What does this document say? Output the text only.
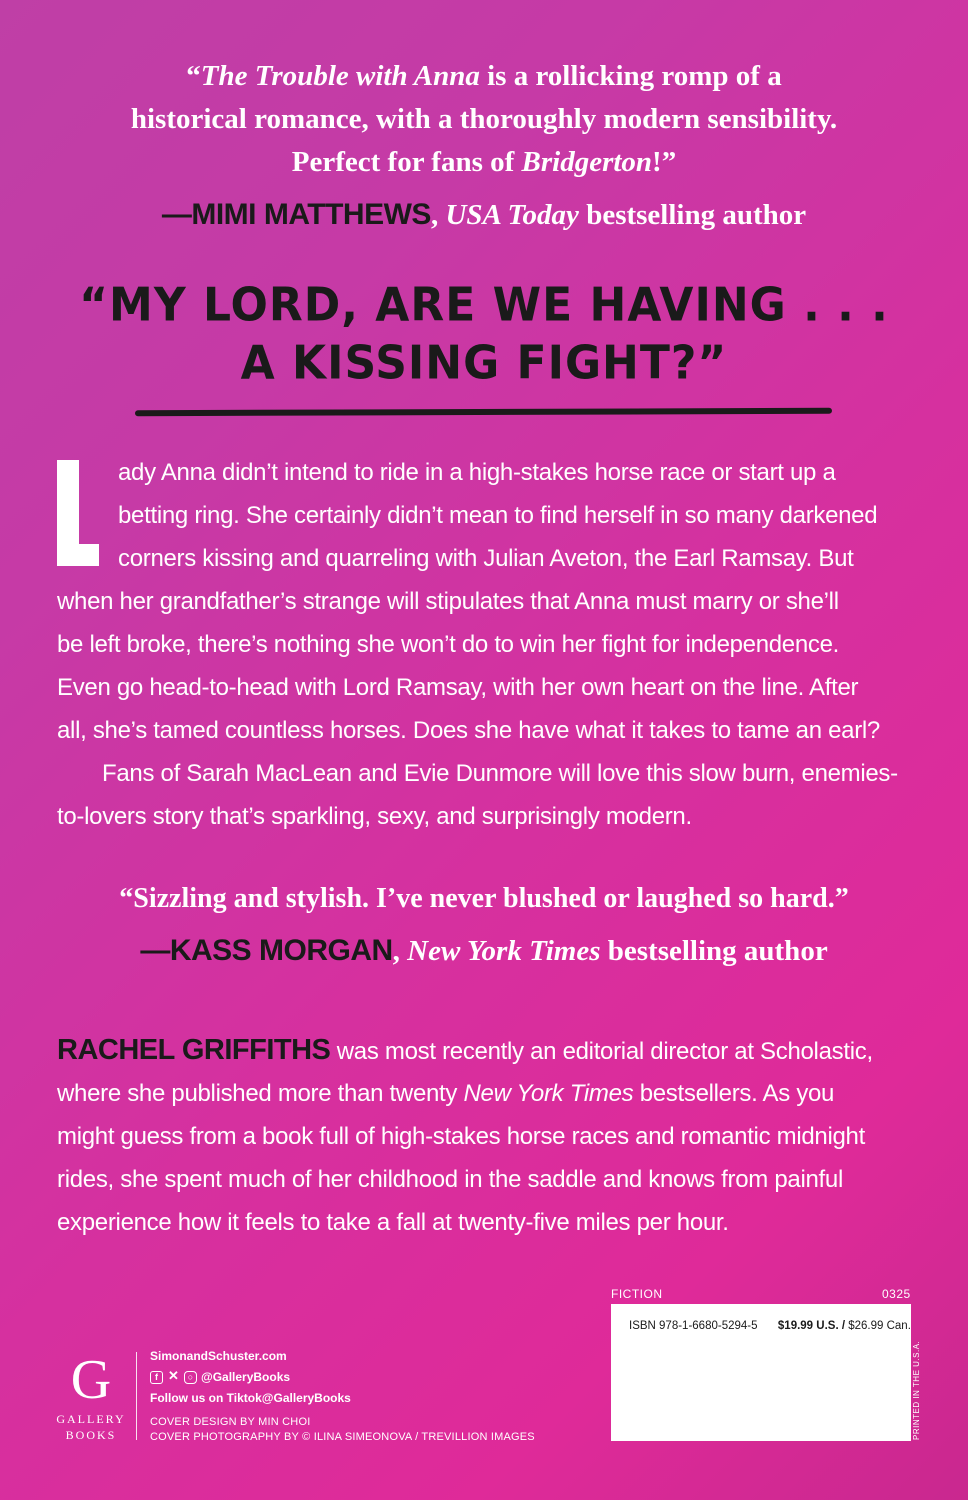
“The Trouble with Anna is a rollicking romp of a
historical romance, with a thoroughly modern sensibility.
Perfect for fans of Bridgerton!”
—MIMI MATTHEWS, USA Today bestselling author
“MY LORD, ARE WE HAVING . . .
A KISSING FIGHT?”
ady Anna didn’t intend to ride in a high-stakes horse race or start up a
betting ring. She certainly didn’t mean to find herself in so many darkened
corners kissing and quarreling with Julian Aveton, the Earl Ramsay. But
when her grandfather’s strange will stipulates that Anna must marry or she’ll
be left broke, there’s nothing she won’t do to win her fight for independence.
Even go head-to-head with Lord Ramsay, with her own heart on the line. After
all, she’s tamed countless horses. Does she have what it takes to tame an earl?
Fans of Sarah MacLean and Evie Dunmore will love this slow burn, enemies-
to-lovers story that’s sparkling, sexy, and surprisingly modern.
“Sizzling and stylish. I’ve never blushed or laughed so hard.”
—KASS MORGAN, New York Times bestselling author
RACHEL GRIFFITHS was most recently an editorial director at Scholastic,
where she published more than twenty New York Times bestsellers. As you
might guess from a book full of high-stakes horse races and romantic midnight
rides, she spent much of her childhood in the saddle and knows from painful
experience how it feels to take a fall at twenty-five miles per hour.
G
GALLERY
BOOKS
SimonandSchuster.com
f ✕ ○ @GalleryBooks
Follow us on Tiktok@GalleryBooks
COVER DESIGN BY MIN CHOI
COVER PHOTOGRAPHY BY © ILINA SIMEONOVA / TREVILLION IMAGES
FICTION	0325
ISBN 978-1-6680-5294-5 $19.99 U.S. / $26.99 Can.
PRINTED IN THE U.S.A.
